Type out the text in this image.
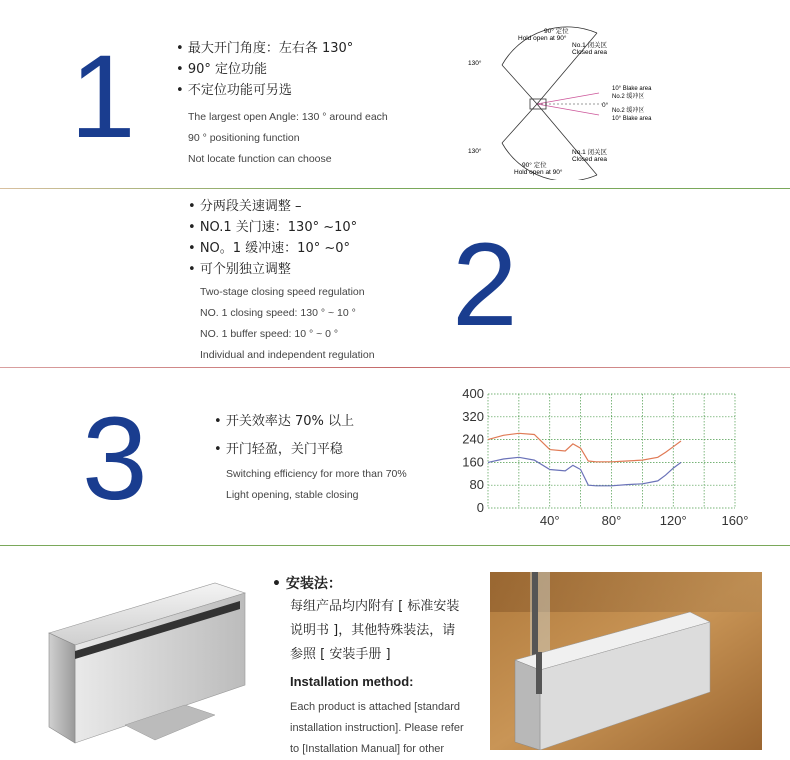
1	• 最大开门角度：左右各 130°
• 90° 定位功能
• 不定位功能可另选
The largest open Angle: 130 ° around each
90 ° positioning function
Not locate function can choose
90° 定位
Hold open at 90°
No.1 闭关区
Closed area
130°
130°
0°
10° Blake area
No.2 缓冲区
No.2 缓冲区
10° Blake area
No.1 闭关区
Closed area
90° 定位
Hold open at 90°
• 分两段关速调整 –
• NO.1 关门速：130° ~10°
• NO。1 缓冲速：10° ~0°
• 可个别独立调整
Two-stage closing speed regulation
NO. 1 closing speed: 130 ° ~ 10 °
NO. 1 buffer speed: 10 ° ~ 0 °
Individual and independent regulation
2
3	• 开关效率达 70% 以上
• 开门轻盈，关门平稳
Switching efficiency for more than 70%
Light opening, stable closing
400
320
240
160
80
0
40°	80°	120°	160°
• 安装法：
每组产品均内附有 [ 标准安装
说明书 ]，其他特殊装法，请
参照 [ 安装手册 ]
Installation method:
Each product is attached [standard
installation instruction]. Please refer
to [Installation Manual] for other
